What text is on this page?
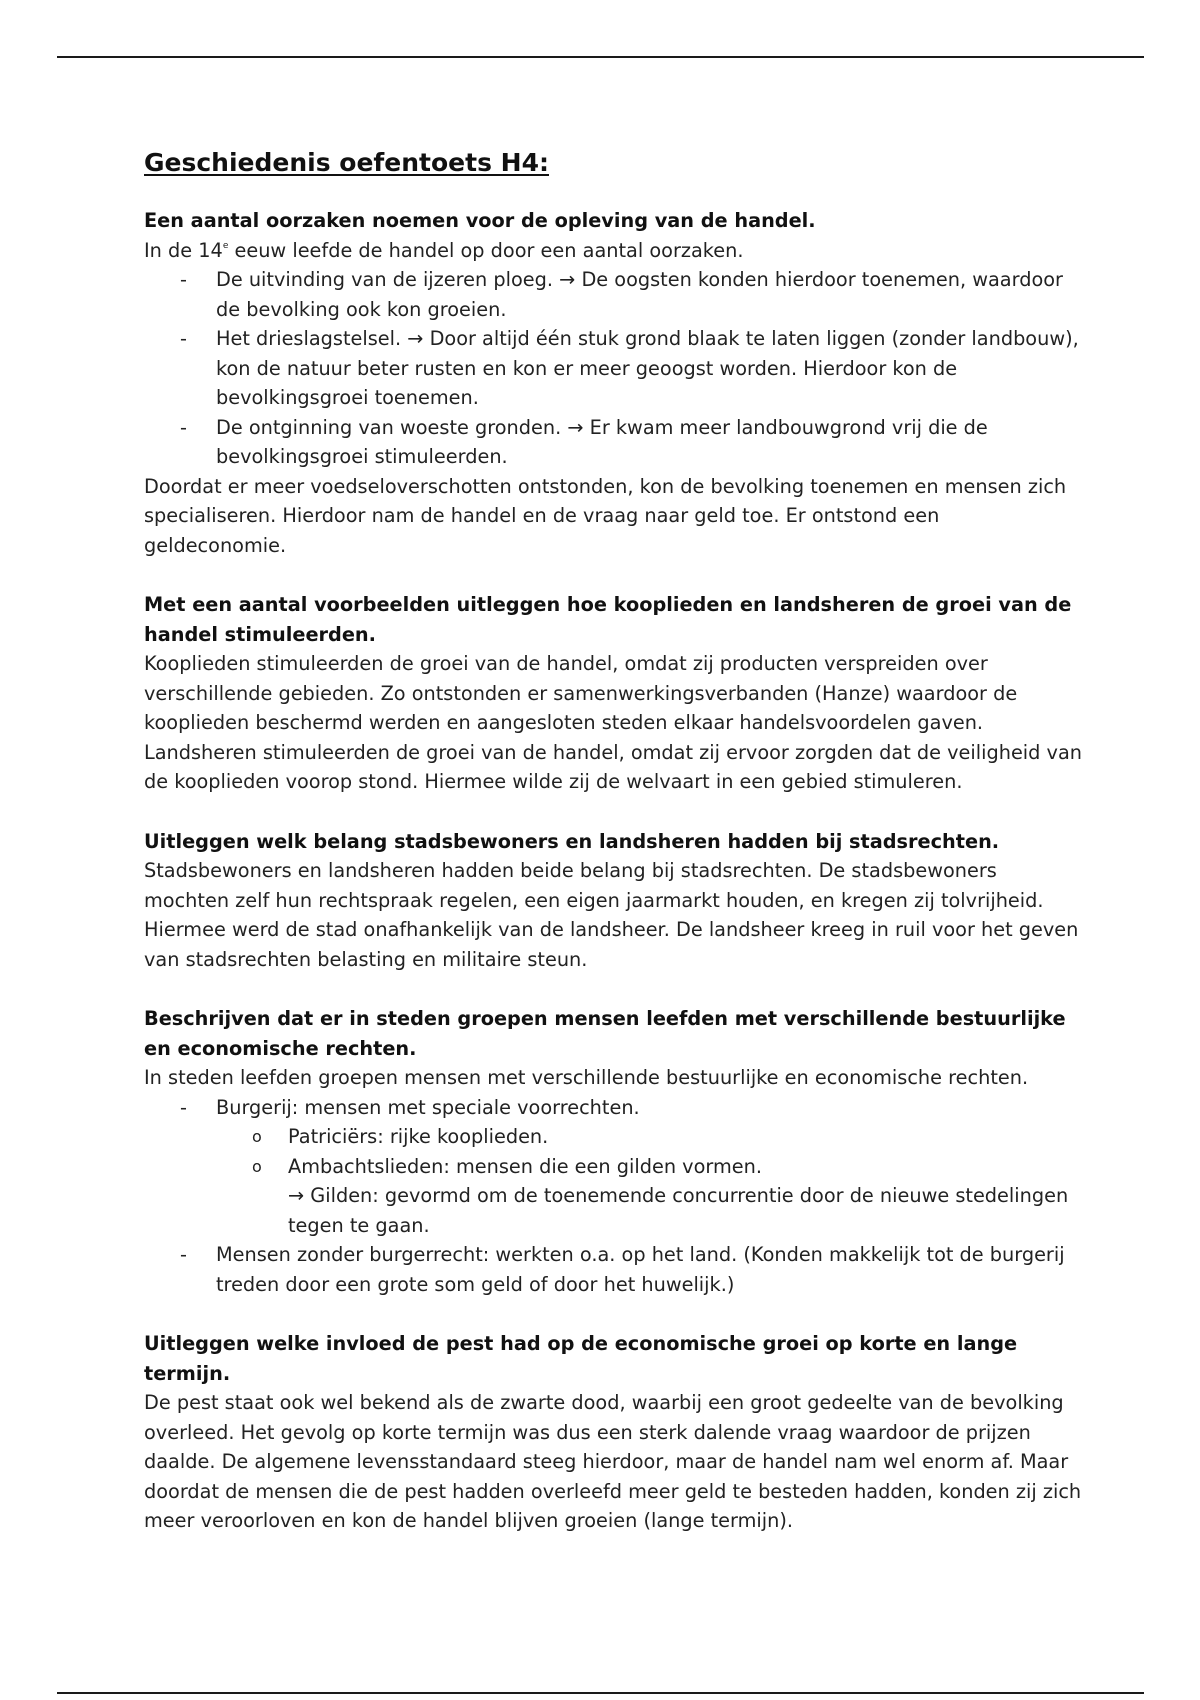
Geschiedenis oefentoets H4:

Een aantal oorzaken noemen voor de opleving van de handel.

In de 14e eeuw leefde de handel op door een aantal oorzaken.

- De uitvinding van de ijzeren ploeg. → De oogsten konden hierdoor toenemen, waardoor de bevolking ook kon groeien.
- Het drieslagstelsel. → Door altijd één stuk grond blaak te laten liggen (zonder landbouw), kon de natuur beter rusten en kon er meer geoogst worden. Hierdoor kon de bevolkingsgroei toenemen.
- De ontginning van woeste gronden. → Er kwam meer landbouwgrond vrij die de bevolkingsgroei stimuleerden.

Doordat er meer voedseloverschotten ontstonden, kon de bevolking toenemen en mensen zich specialiseren. Hierdoor nam de handel en de vraag naar geld toe. Er ontstond een geldeconomie.

Met een aantal voorbeelden uitleggen hoe kooplieden en landsheren de groei van de handel stimuleerden.

Kooplieden stimuleerden de groei van de handel, omdat zij producten verspreiden over verschillende gebieden. Zo ontstonden er samenwerkingsverbanden (Hanze) waardoor de kooplieden beschermd werden en aangesloten steden elkaar handelsvoordelen gaven. Landsheren stimuleerden de groei van de handel, omdat zij ervoor zorgden dat de veiligheid van de kooplieden voorop stond. Hiermee wilde zij de welvaart in een gebied stimuleren.

Uitleggen welk belang stadsbewoners en landsheren hadden bij stadsrechten.

Stadsbewoners en landsheren hadden beide belang bij stadsrechten. De stadsbewoners mochten zelf hun rechtspraak regelen, een eigen jaarmarkt houden, en kregen zij tolvrijheid. Hiermee werd de stad onafhankelijk van de landsheer. De landsheer kreeg in ruil voor het geven van stadsrechten belasting en militaire steun.

Beschrijven dat er in steden groepen mensen leefden met verschillende bestuurlijke en economische rechten.

In steden leefden groepen mensen met verschillende bestuurlijke en economische rechten.

- Burgerij: mensen met speciale voorrechten.
o Patriciërs: rijke kooplieden.
o Ambachtslieden: mensen die een gilden vormen.
→ Gilden: gevormd om de toenemende concurrentie door de nieuwe stedelingen tegen te gaan.
- Mensen zonder burgerrecht: werkten o.a. op het land. (Konden makkelijk tot de burgerij treden door een grote som geld of door het huwelijk.)

Uitleggen welke invloed de pest had op de economische groei op korte en lange termijn.

De pest staat ook wel bekend als de zwarte dood, waarbij een groot gedeelte van de bevolking overleed. Het gevolg op korte termijn was dus een sterk dalende vraag waardoor de prijzen daalde. De algemene levensstandaard steeg hierdoor, maar de handel nam wel enorm af. Maar doordat de mensen die de pest hadden overleefd meer geld te besteden hadden, konden zij zich meer veroorloven en kon de handel blijven groeien (lange termijn).
